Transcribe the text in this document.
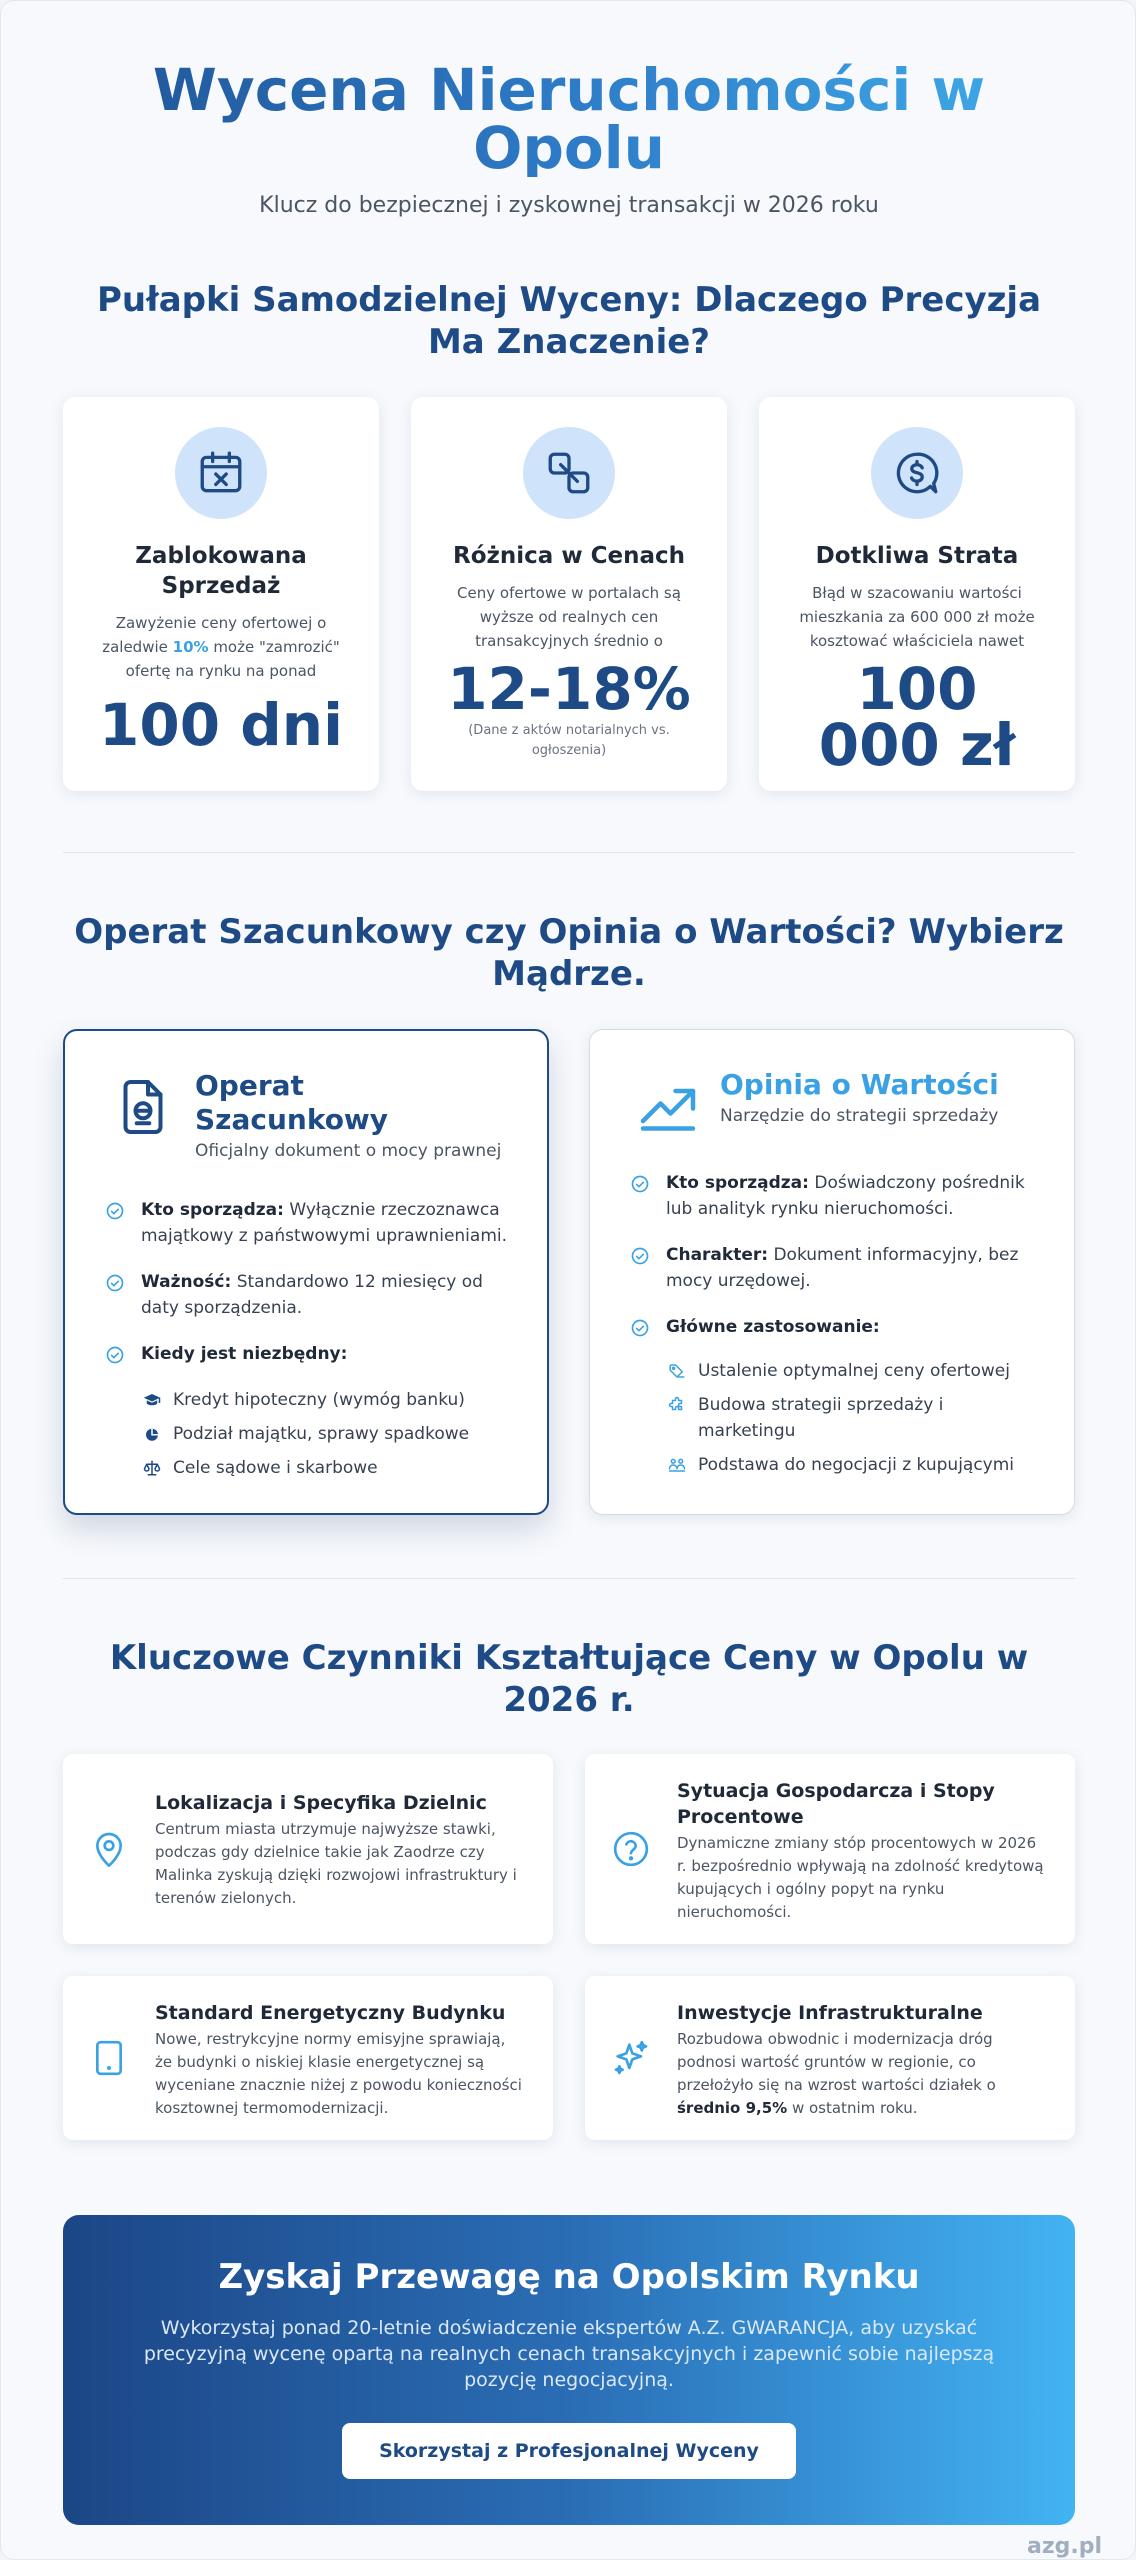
Wycena Nieruchomości w
Opolu

Klucz do bezpiecznej i zyskownej transakcji w 2026 roku

Pułapki Samodzielnej Wyceny: Dlaczego Precyzja Ma Znaczenie?
Zablokowana Sprzedaż
Zawyżenie ceny ofertowej o zaledwie 10% może "zamrozić" ofertę na rynku na ponad
100 dni
Różnica w Cenach
Ceny ofertowe w portalach są wyższe od realnych cen transakcyjnych średnio o
12-18%
(Dane z aktów notarialnych vs. ogłoszenia)
Dotkliwa Strata
Błąd w szacowaniu wartości mieszkania za 600 000 zł może kosztować właściciela nawet
100
000 zł
Operat Szacunkowy czy Opinia o Wartości? Wybierz Mądrze.
Operat
Szacunkowy
Oficjalny dokument o mocy prawnej
Kto sporządza: Wyłącznie rzeczoznawca majątkowy z państwowymi uprawnieniami.
Ważność: Standardowo 12 miesięcy od daty sporządzenia.
Kiedy jest niezbędny:
Kredyt hipoteczny (wymóg banku)
Podział majątku, sprawy spadkowe
Cele sądowe i skarbowe
Opinia o Wartości
Narzędzie do strategii sprzedaży
Kto sporządza: Doświadczony pośrednik lub analityk rynku nieruchomości.
Charakter: Dokument informacyjny, bez mocy urzędowej.
Główne zastosowanie:
Ustalenie optymalnej ceny ofertowej
Budowa strategii sprzedaży i marketingu
Podstawa do negocjacji z kupującymi
Kluczowe Czynniki Kształtujące Ceny w Opolu w 2026 r.
Lokalizacja i Specyfika Dzielnic
Centrum miasta utrzymuje najwyższe stawki, podczas gdy dzielnice takie jak Zaodrze czy Malinka zyskują dzięki rozwojowi infrastruktury i terenów zielonych.
Sytuacja Gospodarcza i Stopy Procentowe
Dynamiczne zmiany stóp procentowych w 2026 r. bezpośrednio wpływają na zdolność kredytową kupujących i ogólny popyt na rynku nieruchomości.
Standard Energetyczny Budynku
Nowe, restrykcyjne normy emisyjne sprawiają, że budynki o niskiej klasie energetycznej są wyceniane znacznie niżej z powodu konieczności kosztownej termomodernizacji.
Inwestycje Infrastrukturalne
Rozbudowa obwodnic i modernizacja dróg podnosi wartość gruntów w regionie, co przełożyło się na wzrost wartości działek o średnio 9,5% w ostatnim roku.
Zyskaj Przewagę na Opolskim Rynku
Wykorzystaj ponad 20-letnie doświadczenie ekspertów A.Z. GWARANCJA, aby uzyskać precyzyjną wycenę opartą na realnych cenach transakcyjnych i zapewnić sobie najlepszą pozycję negocjacyjną.
Skorzystaj z Profesjonalnej Wyceny
azg.pl
